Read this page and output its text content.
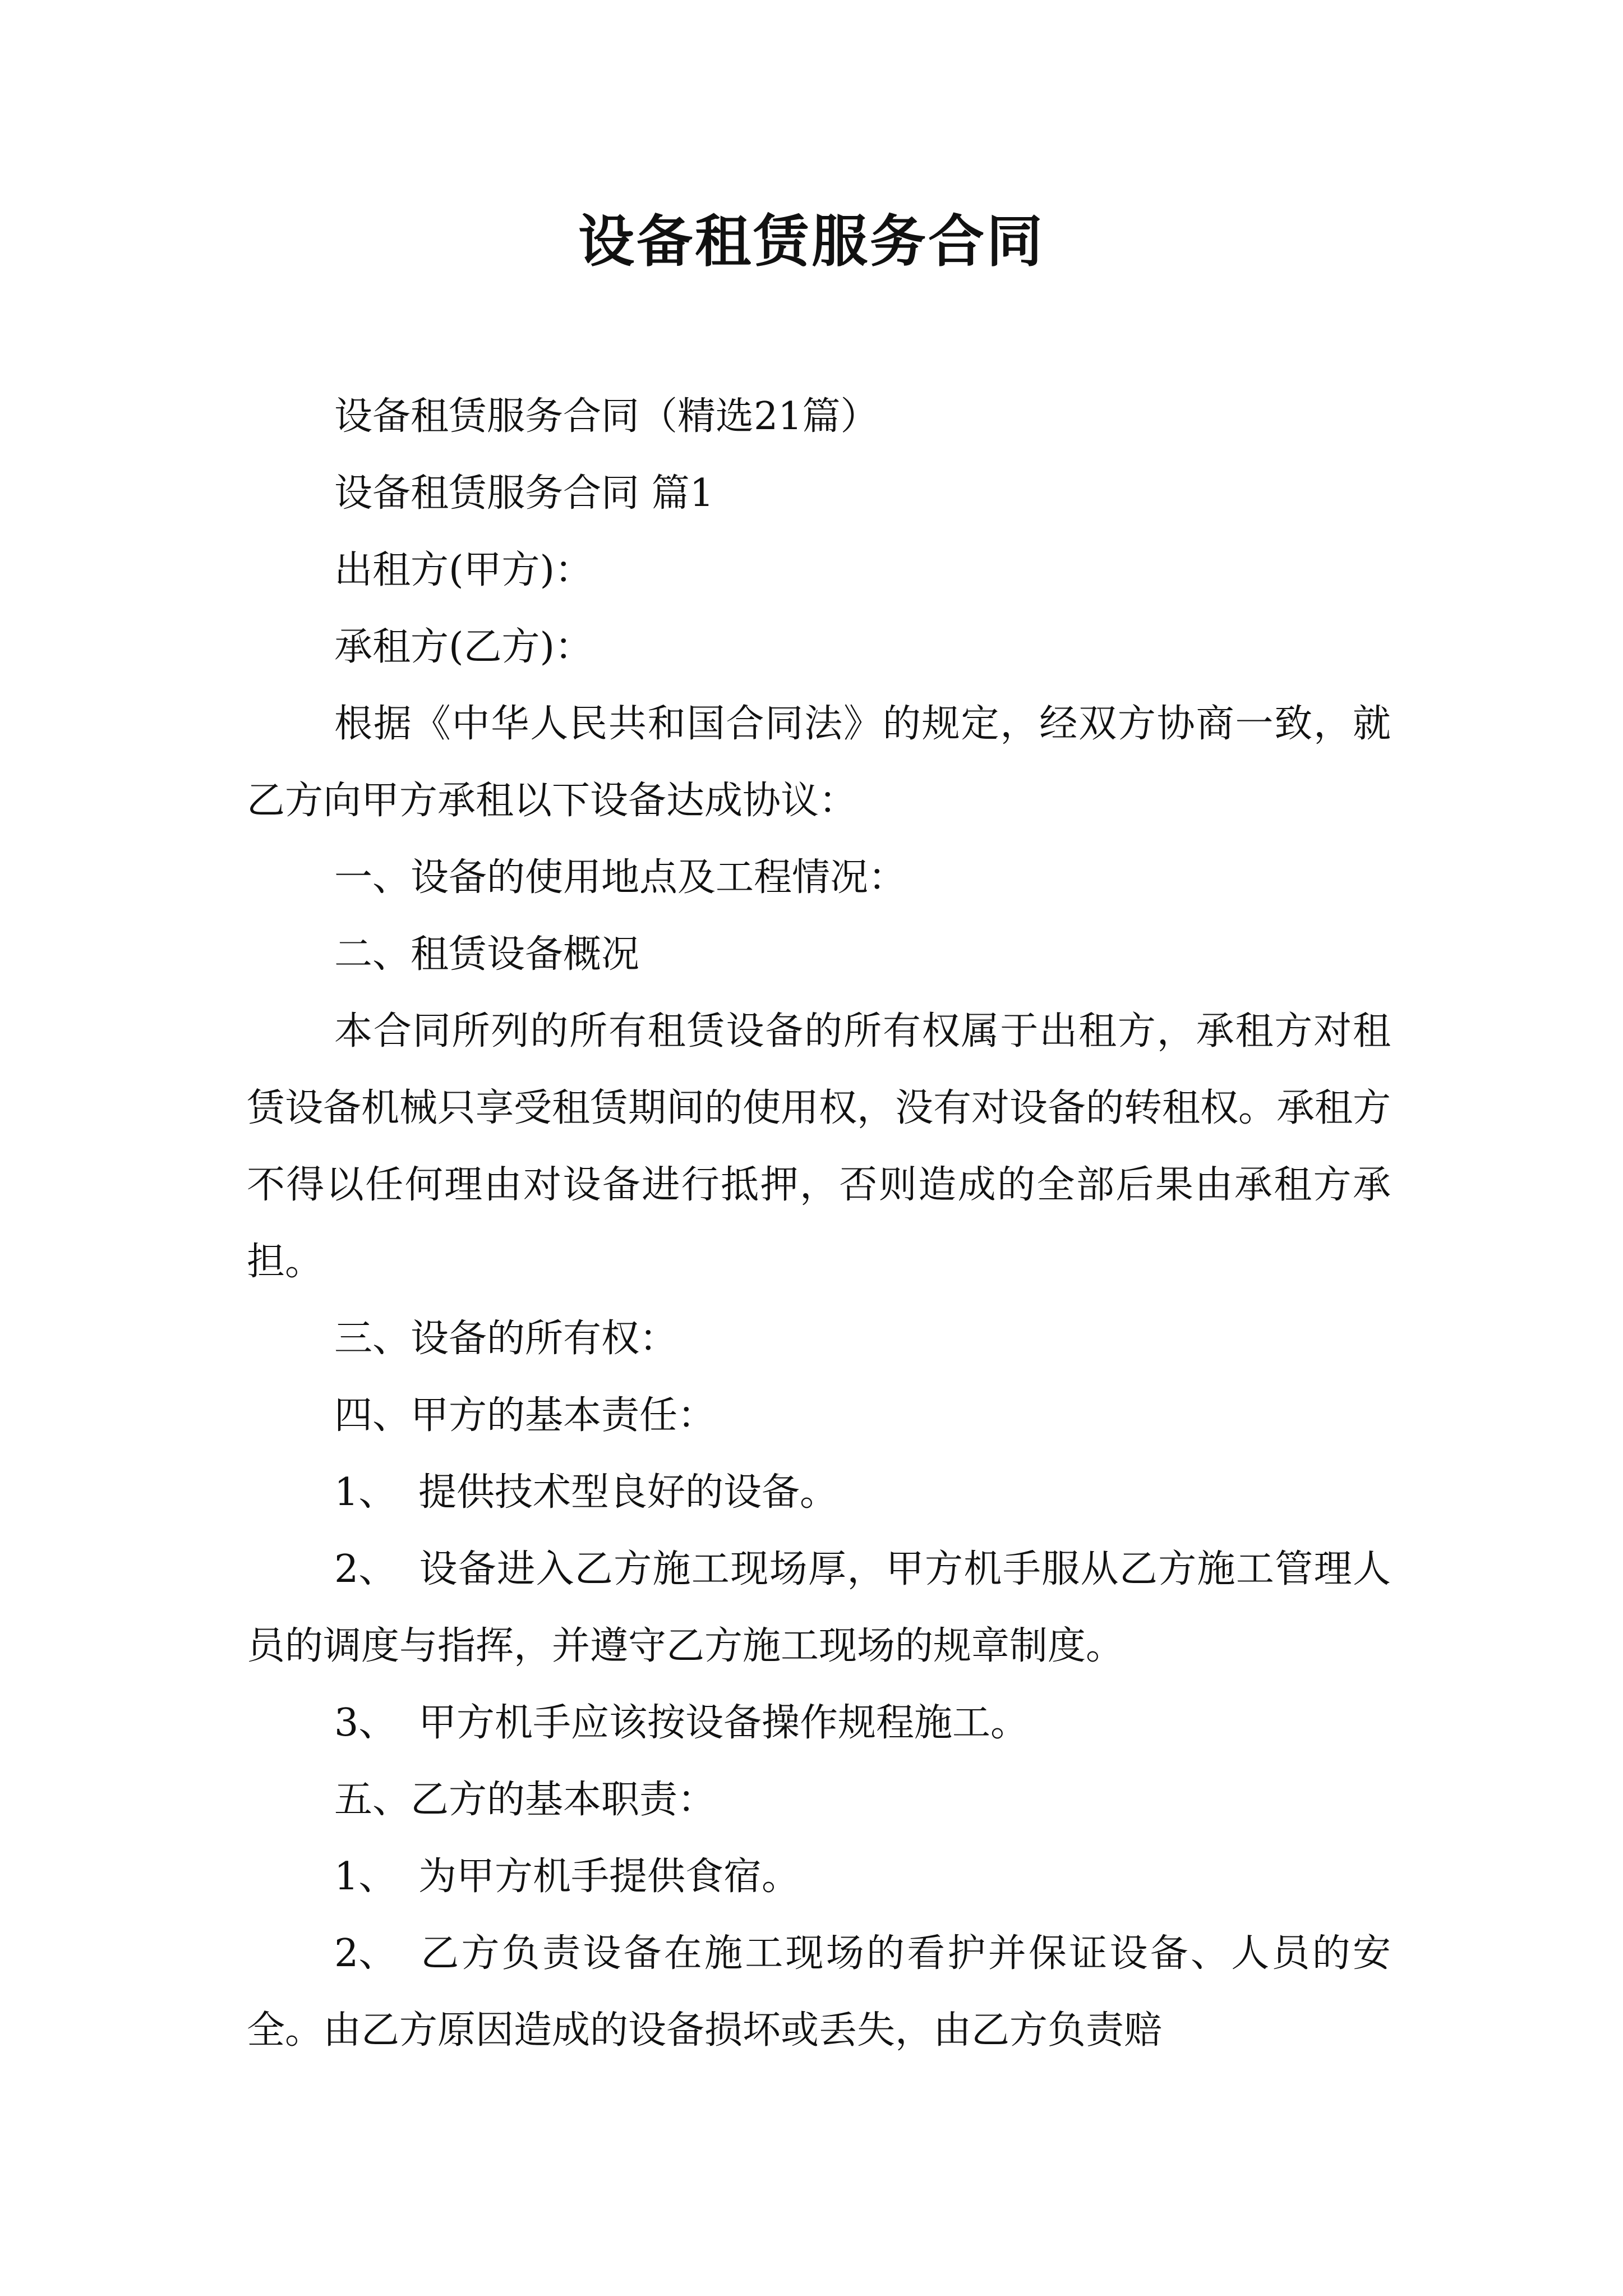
设备租赁服务合同

设备租赁服务合同（精选21篇）

设备租赁服务合同 篇1

出租方(甲方)：

承租方(乙方)：

根据《中华人民共和国合同法》的规定，经双方协商一致，就乙方向甲方承租以下设备达成协议：

一、设备的使用地点及工程情况：

二、租赁设备概况

本合同所列的所有租赁设备的所有权属于出租方，承租方对租赁设备机械只享受租赁期间的使用权，没有对设备的转租权。承租方不得以任何理由对设备进行抵押，否则造成的全部后果由承租方承担。

三、设备的所有权：

四、甲方的基本责任：

1、 提供技术型良好的设备。

2、 设备进入乙方施工现场厚，甲方机手服从乙方施工管理人员的调度与指挥，并遵守乙方施工现场的规章制度。

3、 甲方机手应该按设备操作规程施工。

五、乙方的基本职责：

1、 为甲方机手提供食宿。

2、 乙方负责设备在施工现场的看护并保证设备、人员的安全。由乙方原因造成的设备损坏或丢失，由乙方负责赔
